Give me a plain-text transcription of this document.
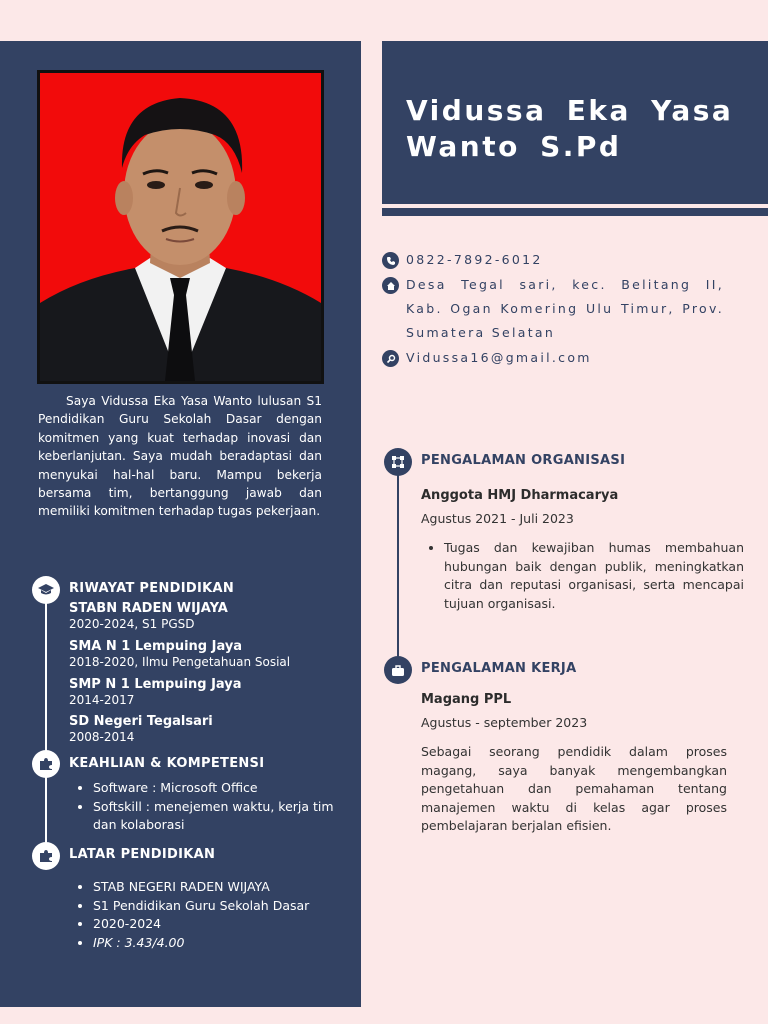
Saya Vidussa Eka Yasa Wanto lulusan S1 Pendidikan Guru Sekolah Dasar dengan komitmen yang kuat terhadap inovasi dan keberlanjutan. Saya mudah beradaptasi dan menyukai hal-hal baru. Mampu bekerja bersama tim, bertanggung jawab dan memiliki komitmen terhadap tugas pekerjaan.

RIWAYAT PENDIDIKAN
STABN RADEN WIJAYA
2020-2024, S1 PGSD
SMA N 1 Lempuing Jaya
2018-2020, Ilmu Pengetahuan Sosial
SMP N 1 Lempuing Jaya
2014-2017
SD Negeri Tegalsari
2008-2014
KEAHLIAN & KOMPETENSI
• Software : Microsoft Office
• Softskill : menejemen waktu, kerja tim dan kolaborasi
LATAR PENDIDIKAN
• STAB NEGERI RADEN WIJAYA
• S1 Pendidikan Guru Sekolah Dasar
• 2020-2024
• IPK : 3.43/4.00

Vidussa Eka Yasa Wanto S.Pd

0822-7892-6012
Desa Tegal sari, kec. Belitang II, Kab. Ogan Komering Ulu Timur, Prov. Sumatera Selatan
Vidussa16@gmail.com
PENGALAMAN ORGANISASI
Anggota HMJ Dharmacarya
Agustus 2021 - Juli 2023
• Tugas dan kewajiban humas membahuan hubungan baik dengan publik, meningkatkan citra dan reputasi organisasi, serta mencapai tujuan organisasi.
PENGALAMAN KERJA
Magang PPL
Agustus - september 2023

Sebagai seorang pendidik dalam proses magang, saya banyak mengembangkan pengetahuan dan pemahaman tentang manajemen waktu di kelas agar proses pembelajaran berjalan efisien.
